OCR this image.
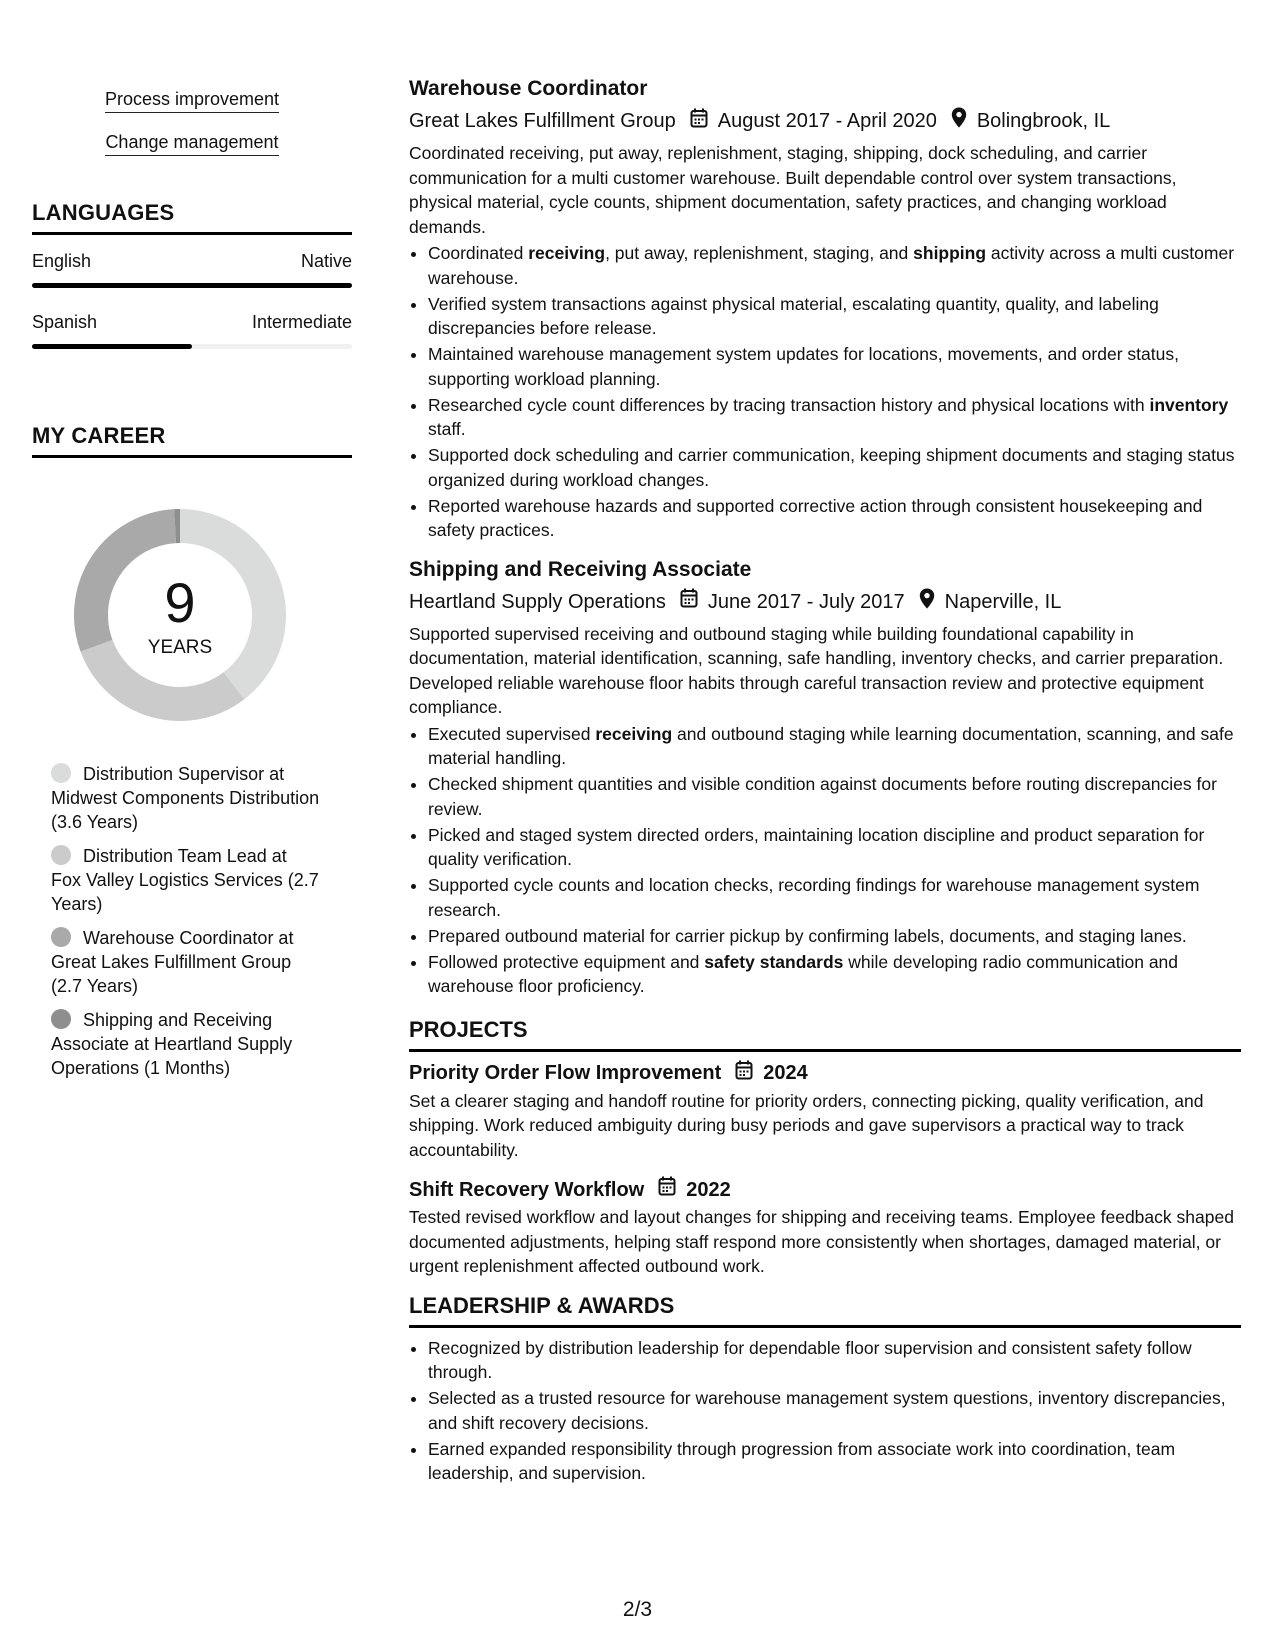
Process improvement
Change management
LANGUAGES
English	Native
Spanish	Intermediate
MY CAREER
9
YEARS
Distribution Supervisor at Midwest Components Distribution (3.6 Years)
Distribution Team Lead at Fox Valley Logistics Services (2.7 Years)
Warehouse Coordinator at Great Lakes Fulfillment Group (2.7 Years)
Shipping and Receiving Associate at Heartland Supply Operations (1 Months)
Warehouse Coordinator
Great Lakes Fulfillment Group August 2017 - April 2020 Bolingbrook, IL
Coordinated receiving, put away, replenishment, staging, shipping, dock scheduling, and carrier communication for a multi customer warehouse. Built dependable control over system transactions, physical material, cycle counts, shipment documentation, safety practices, and changing workload demands.
• Coordinated receiving, put away, replenishment, staging, and shipping activity across a multi customer warehouse.
• Verified system transactions against physical material, escalating quantity, quality, and labeling discrepancies before release.
• Maintained warehouse management system updates for locations, movements, and order status, supporting workload planning.
• Researched cycle count differences by tracing transaction history and physical locations with inventory staff.
• Supported dock scheduling and carrier communication, keeping shipment documents and staging status organized during workload changes.
• Reported warehouse hazards and supported corrective action through consistent housekeeping and safety practices.
Shipping and Receiving Associate
Heartland Supply Operations June 2017 - July 2017 Naperville, IL
Supported supervised receiving and outbound staging while building foundational capability in documentation, material identification, scanning, safe handling, inventory checks, and carrier preparation. Developed reliable warehouse floor habits through careful transaction review and protective equipment compliance.
• Executed supervised receiving and outbound staging while learning documentation, scanning, and safe material handling.
• Checked shipment quantities and visible condition against documents before routing discrepancies for review.
• Picked and staged system directed orders, maintaining location discipline and product separation for quality verification.
• Supported cycle counts and location checks, recording findings for warehouse management system research.
• Prepared outbound material for carrier pickup by confirming labels, documents, and staging lanes.
• Followed protective equipment and safety standards while developing radio communication and warehouse floor proficiency.
PROJECTS
Priority Order Flow Improvement 2024
Set a clearer staging and handoff routine for priority orders, connecting picking, quality verification, and shipping. Work reduced ambiguity during busy periods and gave supervisors a practical way to track accountability.
Shift Recovery Workflow 2022
Tested revised workflow and layout changes for shipping and receiving teams. Employee feedback shaped documented adjustments, helping staff respond more consistently when shortages, damaged material, or urgent replenishment affected outbound work.
LEADERSHIP & AWARDS
• Recognized by distribution leadership for dependable floor supervision and consistent safety follow through.
• Selected as a trusted resource for warehouse management system questions, inventory discrepancies, and shift recovery decisions.
• Earned expanded responsibility through progression from associate work into coordination, team leadership, and supervision.
2/3
